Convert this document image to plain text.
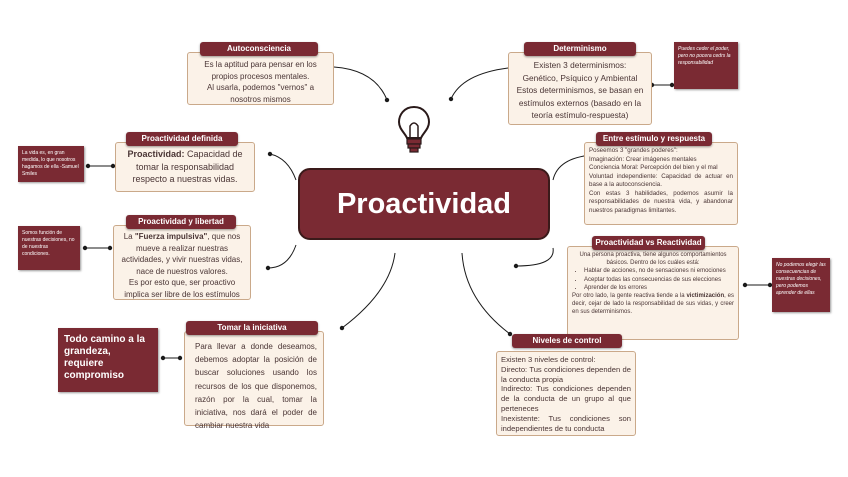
Proactividad
Autoconsciencia
Es la aptitud para pensar en los
propios procesos mentales.
Al usarla, podemos "vernos" a
nosotros mismos
Determinismo
Existen 3 determinismos:
Genético, Psíquico y Ambiental
Estos determinismos, se basan en
estímulos externos (basado en la
teoría estímulo-respuesta)
Puedes ceder el poder, pero no pocera cedrs la responsabilidad
Proactividad definida
Proactividad: Capacidad de tomar la responsabilidad respecto a nuestras vidas.
La vida es, en gran medida, lo que nosotros hagamos de ella -Samuel Smiles
Proactividad y libertad
La "Fuerza impulsiva", que nos mueve a realizar nuestras actividades, y vivir nuestras vidas, nace de nuestros valores.
Es por esto que, ser proactivo implica ser libre de los estímulos
Somos función de nuestras decisiones, no de nuestras condiciones.
Tomar la iniciativa
Para llevar a donde deseamos, debemos adoptar la posición de buscar soluciones usando los recursos de los que disponemos, razón por la cual, tomar la iniciativa, nos dará el poder de cambiar nuestra vida
Todo camino a la grandeza, requiere compromiso
Entre estímulo y respuesta
Poseemos 3 "grandes poderes":
Imaginación: Crear imágenes mentales
Conciencia Moral: Percepción del bien y el mal
Voluntad independiente: Capacidad de actuar en base a la autoconsciencia.
Con estas 3 habilidades, podemos asumir la responsabilidades de nuestra vida, y abandonar nuestros paradigmas limitantes.
Proactividad vs Reactividad
Una persona proactiva, tiene algunos comportamientos básicos. Dentro de los cuáles está:
• Hablar de acciones, no de sensaciones ni emociones
• Aceptar todas las consecuencias de sus elecciones
• Aprender de los errores
Por otro lado, la gente reactiva tiende a la victimización, es decir, cejar de lado la responsabilidad de sus vidas, y creer en sus determinismos.
No podemos elegir las consecuencias de nuestras decisiones, pero podemos aprender de ellas
Niveles de control
Existen 3 niveles de control:
Directo: Tus condiciones dependen de la conducta propia
Indirecto: Tus condiciones dependen de la conducta de un grupo al que perteneces
Inexistente: Tus condiciones son independientes de tu conducta
